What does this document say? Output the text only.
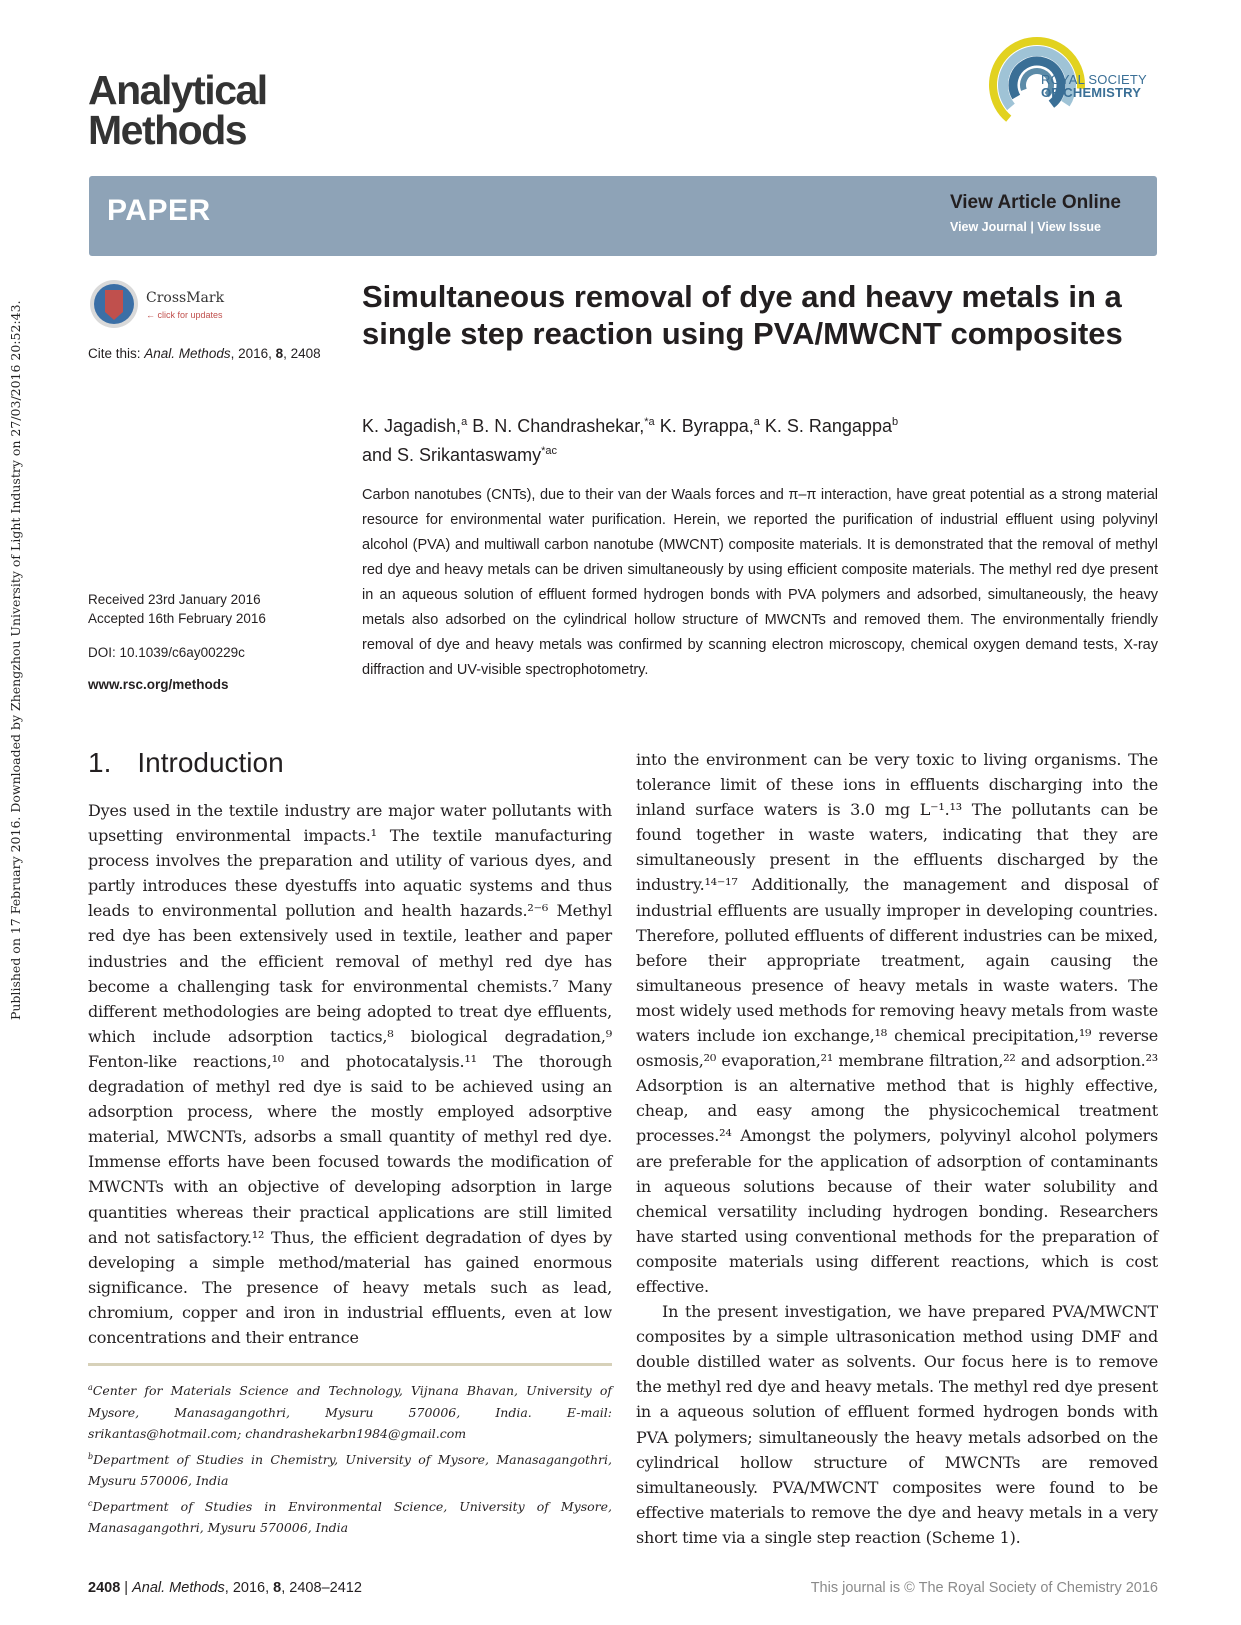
Published on 17 February 2016. Downloaded by Zhengzhou University of Light Industry on 27/03/2016 20:52:43.
Analytical
Methods
ROYAL SOCIETY
OF CHEMISTRY
PAPER	View Article Online
View Journal | View Issue
CrossMark
← click for updates
Cite this: Anal. Methods, 2016, 8, 2408
Received 23rd January 2016
Accepted 16th February 2016
DOI: 10.1039/c6ay00229c
www.rsc.org/methods
Simultaneous removal of dye and heavy metals in a single step reaction using PVA/MWCNT composites
K. Jagadish,$^a$ B. N. Chandrashekar,$^{*a}$ K. Byrappa,$^a$ K. S. Rangappa$^b$
and S. Srikantaswamy$^{*ac}$
Carbon nanotubes (CNTs), due to their van der Waals forces and π–π interaction, have great potential as a strong material resource for environmental water purification. Herein, we reported the purification of industrial effluent using polyvinyl alcohol (PVA) and multiwall carbon nanotube (MWCNT) composite materials. It is demonstrated that the removal of methyl red dye and heavy metals can be driven simultaneously by using efficient composite materials. The methyl red dye present in an aqueous solution of effluent formed hydrogen bonds with PVA polymers and adsorbed, simultaneously, the heavy metals also adsorbed on the cylindrical hollow structure of MWCNTs and removed them. The environmentally friendly removal of dye and heavy metals was confirmed by scanning electron microscopy, chemical oxygen demand tests, X-ray diffraction and UV-visible spectrophotometry.
1. Introduction

Dyes used in the textile industry are major water pollutants with upsetting environmental impacts.¹ The textile manufacturing process involves the preparation and utility of various dyes, and partly introduces these dyestuffs into aquatic systems and thus leads to environmental pollution and health hazards.²⁻⁶ Methyl red dye has been extensively used in textile, leather and paper industries and the efficient removal of methyl red dye has become a challenging task for environmental chemists.⁷ Many different methodologies are being adopted to treat dye effluents, which include adsorption tactics,⁸ biological degradation,⁹ Fenton-like reactions,¹⁰ and photocatalysis.¹¹ The thorough degradation of methyl red dye is said to be achieved using an adsorption process, where the mostly employed adsorptive material, MWCNTs, adsorbs a small quantity of methyl red dye. Immense efforts have been focused towards the modification of MWCNTs with an objective of developing adsorption in large quantities whereas their practical applications are still limited and not satisfactory.¹² Thus, the efficient degradation of dyes by developing a simple method/material has gained enormous significance. The presence of heavy metals such as lead, chromium, copper and iron in industrial effluents, even at low concentrations and their entrance

into the environment can be very toxic to living organisms. The tolerance limit of these ions in effluents discharging into the inland surface waters is 3.0 mg L⁻¹.¹³ The pollutants can be found together in waste waters, indicating that they are simultaneously present in the effluents discharged by the industry.¹⁴⁻¹⁷ Additionally, the management and disposal of industrial effluents are usually improper in developing countries. Therefore, polluted effluents of different industries can be mixed, before their appropriate treatment, again causing the simultaneous presence of heavy metals in waste waters. The most widely used methods for removing heavy metals from waste waters include ion exchange,¹⁸ chemical precipitation,¹⁹ reverse osmosis,²⁰ evaporation,²¹ membrane filtration,²² and adsorption.²³ Adsorption is an alternative method that is highly effective, cheap, and easy among the physicochemical treatment processes.²⁴ Amongst the polymers, polyvinyl alcohol polymers are preferable for the application of adsorption of contaminants in aqueous solutions because of their water solubility and chemical versatility including hydrogen bonding. Researchers have started using conventional methods for the preparation of composite materials using different reactions, which is cost effective.

In the present investigation, we have prepared PVA/MWCNT composites by a simple ultrasonication method using DMF and double distilled water as solvents. Our focus here is to remove the methyl red dye and heavy metals. The methyl red dye present in a aqueous solution of effluent formed hydrogen bonds with PVA polymers; simultaneously the heavy metals adsorbed on the cylindrical hollow structure of MWCNTs are removed simultaneously. PVA/MWCNT composites were found to be effective materials to remove the dye and heavy metals in a very short time via a single step reaction (Scheme 1).

$^a$Center for Materials Science and Technology, Vijnana Bhavan, University of Mysore, Manasagangothri, Mysuru 570006, India. E-mail: srikantas@hotmail.com; chandrashekarbn1984@gmail.com

$^b$Department of Studies in Chemistry, University of Mysore, Manasagangothri, Mysuru 570006, India

$^c$Department of Studies in Environmental Science, University of Mysore, Manasagangothri, Mysuru 570006, India

2408 | Anal. Methods, 2016, 8, 2408–2412	This journal is © The Royal Society of Chemistry 2016
